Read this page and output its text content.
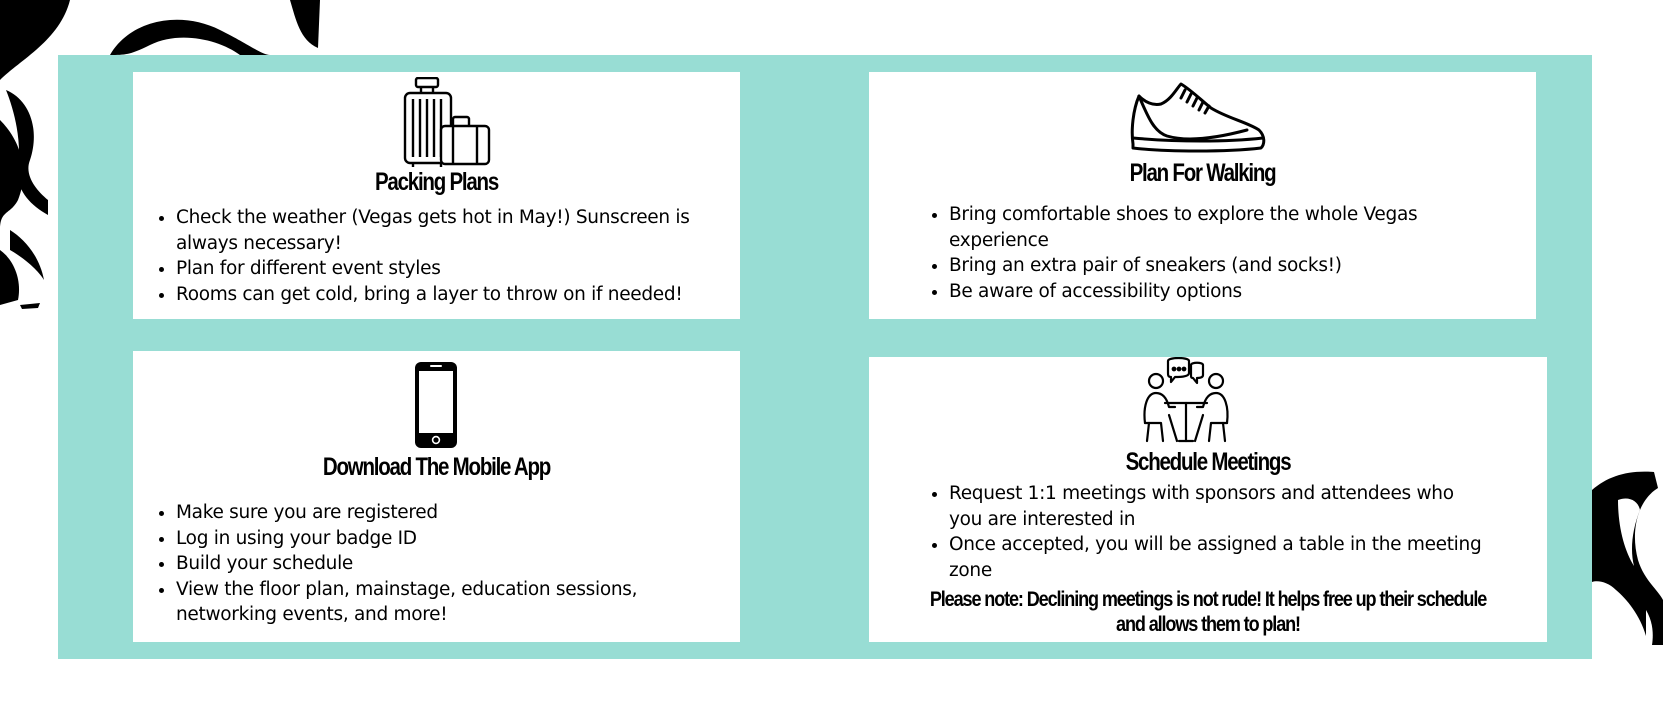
Packing Plans
• Check the weather (Vegas gets hot in May!) Sunscreen is always necessary!
• Plan for different event styles
• Rooms can get cold, bring a layer to throw on if needed!
Plan For Walking
• Bring comfortable shoes to explore the whole Vegas experience
• Bring an extra pair of sneakers (and socks!)
• Be aware of accessibility options
Download The Mobile App
• Make sure you are registered
• Log in using your badge ID
• Build your schedule
• View the floor plan, mainstage, education sessions, networking events, and more!
Schedule Meetings
• Request 1:1 meetings with sponsors and attendees who you are interested in
• Once accepted, you will be assigned a table in the meeting zone
Please note: Declining meetings is not rude! It helps free up their schedule and allows them to plan!
